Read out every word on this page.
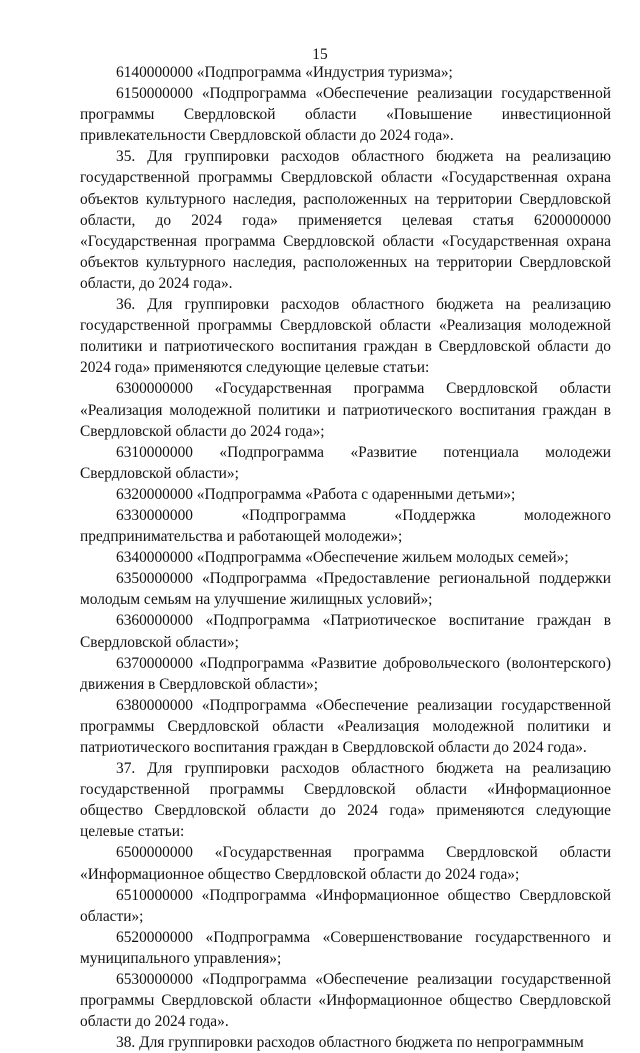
15

6140000000 «Подпрограмма «Индустрия туризма»;

6150000000 «Подпрограмма «Обеспечение реализации государственной программы Свердловской области «Повышение инвестиционной привлекательности Свердловской области до 2024 года».

35. Для группировки расходов областного бюджета на реализацию государственной программы Свердловской области «Государственная охрана объектов культурного наследия, расположенных на территории Свердловской области, до 2024 года» применяется целевая статья 6200000000 «Государственная программа Свердловской области «Государственная охрана объектов культурного наследия, расположенных на территории Свердловской области, до 2024 года».

36. Для группировки расходов областного бюджета на реализацию государственной программы Свердловской области «Реализация молодежной политики и патриотического воспитания граждан в Свердловской области до 2024 года» применяются следующие целевые статьи:

6300000000 «Государственная программа Свердловской области «Реализация молодежной политики и патриотического воспитания граждан в Свердловской области до 2024 года»;

6310000000 «Подпрограмма «Развитие потенциала молодежи Свердловской области»;

6320000000 «Подпрограмма «Работа с одаренными детьми»;

6330000000 «Подпрограмма «Поддержка молодежного предпринимательства и работающей молодежи»;

6340000000 «Подпрограмма «Обеспечение жильем молодых семей»;

6350000000 «Подпрограмма «Предоставление региональной поддержки молодым семьям на улучшение жилищных условий»;

6360000000 «Подпрограмма «Патриотическое воспитание граждан в Свердловской области»;

6370000000 «Подпрограмма «Развитие добровольческого (волонтерского) движения в Свердловской области»;

6380000000 «Подпрограмма «Обеспечение реализации государственной программы Свердловской области «Реализация молодежной политики и патриотического воспитания граждан в Свердловской области до 2024 года».

37. Для группировки расходов областного бюджета на реализацию государственной программы Свердловской области «Информационное общество Свердловской области до 2024 года» применяются следующие целевые статьи:

6500000000 «Государственная программа Свердловской области «Информационное общество Свердловской области до 2024 года»;

6510000000 «Подпрограмма «Информационное общество Свердловской области»;

6520000000 «Подпрограмма «Совершенствование государственного и муниципального управления»;

6530000000 «Подпрограмма «Обеспечение реализации государственной программы Свердловской области «Информационное общество Свердловской области до 2024 года».

38. Для группировки расходов областного бюджета по непрограммным
